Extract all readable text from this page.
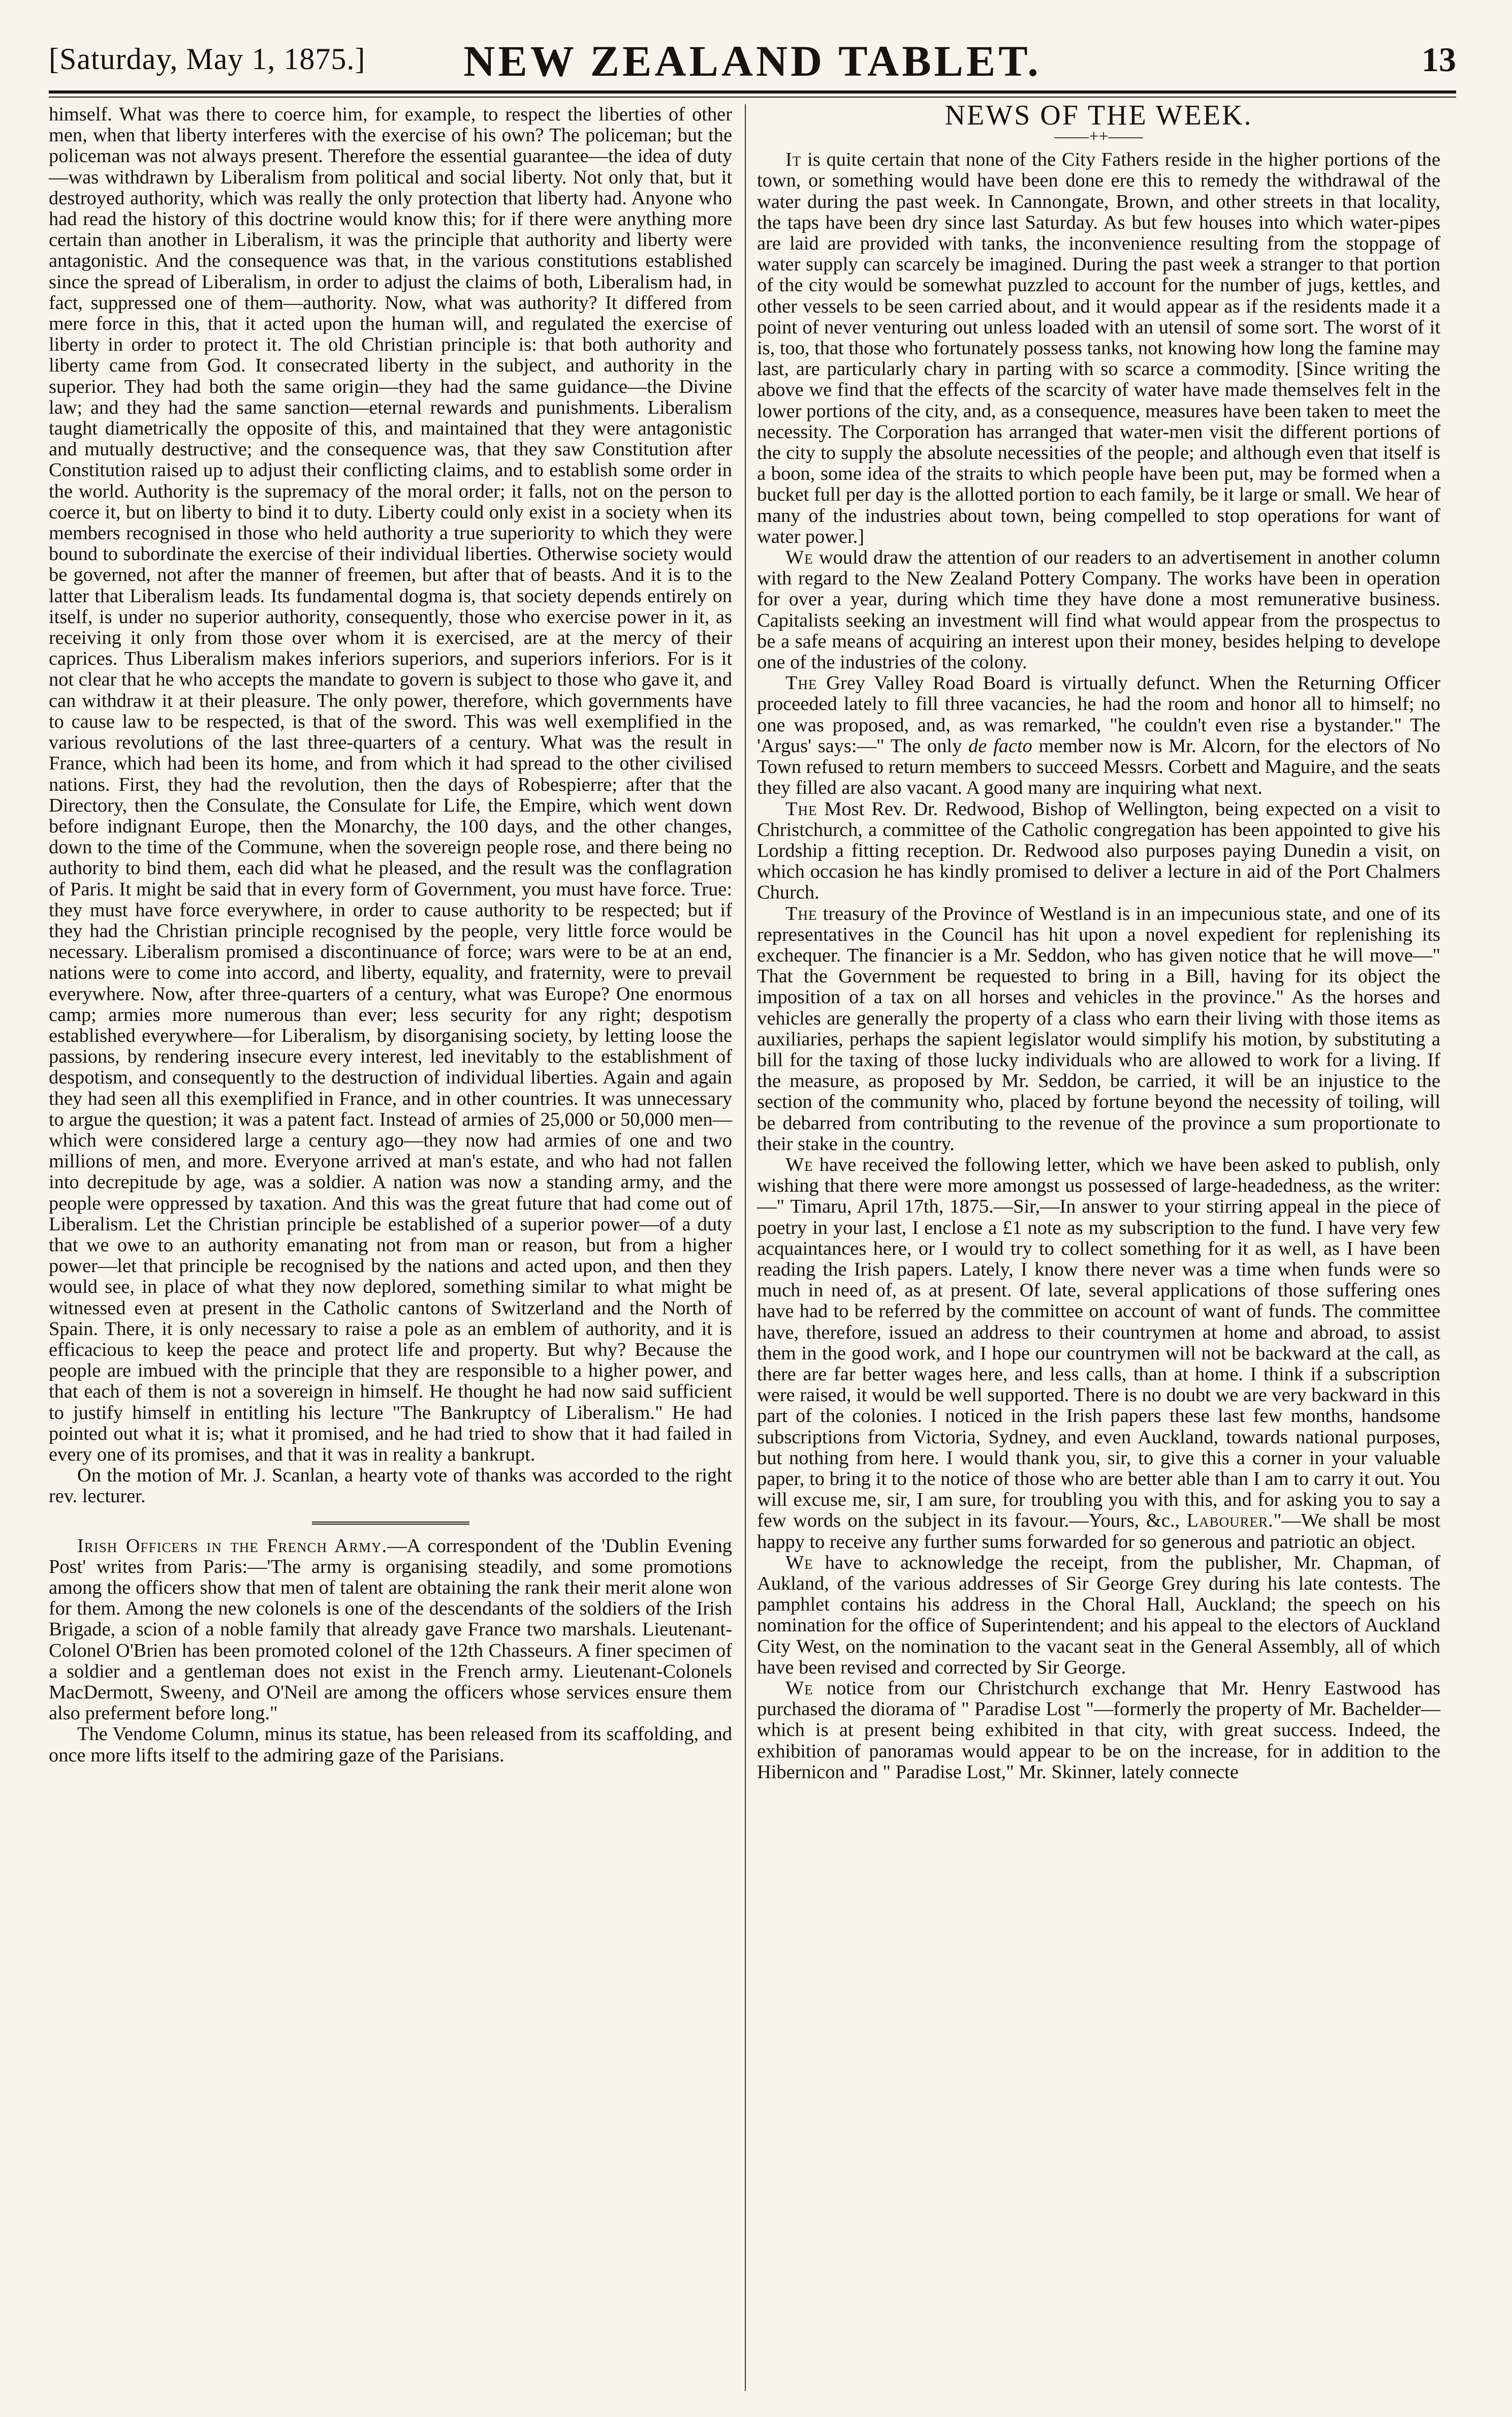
[Saturday, May 1, 1875.]	NEW ZEALAND TABLET.	13

himself. What was there to coerce him, for example, to respect the liberties of other men, when that liberty interferes with the exercise of his own? The policeman; but the policeman was not always present. Therefore the essential guarantee—the idea of duty—was withdrawn by Liberalism from political and social liberty. Not only that, but it destroyed authority, which was really the only protection that liberty had. Anyone who had read the history of this doctrine would know this; for if there were anything more certain than another in Liberalism, it was the principle that authority and liberty were antagonistic. And the consequence was that, in the various constitutions established since the spread of Liberalism, in order to adjust the claims of both, Liberalism had, in fact, suppressed one of them—authority. Now, what was authority? It differed from mere force in this, that it acted upon the human will, and regulated the exercise of liberty in order to protect it. The old Christian principle is: that both authority and liberty came from God. It consecrated liberty in the subject, and authority in the superior. They had both the same origin—they had the same guidance—the Divine law; and they had the same sanction—eternal rewards and punishments. Liberalism taught diametrically the opposite of this, and maintained that they were antagonistic and mutually destructive; and the consequence was, that they saw Constitution after Constitution raised up to adjust their conflicting claims, and to establish some order in the world. Authority is the supremacy of the moral order; it falls, not on the person to coerce it, but on liberty to bind it to duty. Liberty could only exist in a society when its members recognised in those who held authority a true superiority to which they were bound to subordinate the exercise of their individual liberties. Otherwise society would be governed, not after the manner of freemen, but after that of beasts. And it is to the latter that Liberalism leads. Its fundamental dogma is, that society depends entirely on itself, is under no superior authority, consequently, those who exercise power in it, as receiving it only from those over whom it is exercised, are at the mercy of their caprices. Thus Liberalism makes inferiors superiors, and superiors inferiors. For is it not clear that he who accepts the mandate to govern is subject to those who gave it, and can withdraw it at their pleasure. The only power, therefore, which governments have to cause law to be respected, is that of the sword. This was well exemplified in the various revolutions of the last three-quarters of a century. What was the result in France, which had been its home, and from which it had spread to the other civilised nations. First, they had the revolution, then the days of Robespierre; after that the Directory, then the Consulate, the Consulate for Life, the Empire, which went down before indignant Europe, then the Monarchy, the 100 days, and the other changes, down to the time of the Commune, when the sovereign people rose, and there being no authority to bind them, each did what he pleased, and the result was the conflagration of Paris. It might be said that in every form of Government, you must have force. True: they must have force everywhere, in order to cause authority to be respected; but if they had the Christian principle recognised by the people, very little force would be necessary. Liberalism promised a discontinuance of force; wars were to be at an end, nations were to come into accord, and liberty, equality, and fraternity, were to prevail everywhere. Now, after three-quarters of a century, what was Europe? One enormous camp; armies more numerous than ever; less security for any right; despotism established everywhere—for Liberalism, by disorganising society, by letting loose the passions, by rendering insecure every interest, led inevitably to the establishment of despotism, and consequently to the destruction of individual liberties. Again and again they had seen all this exemplified in France, and in other countries. It was unnecessary to argue the question; it was a patent fact. Instead of armies of 25,000 or 50,000 men—which were considered large a century ago—they now had armies of one and two millions of men, and more. Everyone arrived at man's estate, and who had not fallen into decrepitude by age, was a soldier. A nation was now a standing army, and the people were oppressed by taxation. And this was the great future that had come out of Liberalism. Let the Christian principle be established of a superior power—of a duty that we owe to an authority emanating not from man or reason, but from a higher power—let that principle be recognised by the nations and acted upon, and then they would see, in place of what they now deplored, something similar to what might be witnessed even at present in the Catholic cantons of Switzerland and the North of Spain. There, it is only necessary to raise a pole as an emblem of authority, and it is efficacious to keep the peace and protect life and property. But why? Because the people are imbued with the principle that they are responsible to a higher power, and that each of them is not a sovereign in himself. He thought he had now said sufficient to justify himself in entitling his lecture "The Bankruptcy of Liberalism." He had pointed out what it is; what it promised, and he had tried to show that it had failed in every one of its promises, and that it was in reality a bankrupt.

On the motion of Mr. J. Scanlan, a hearty vote of thanks was accorded to the right rev. lecturer.

Irish Officers in the French Army.—A correspondent of the 'Dublin Evening Post' writes from Paris:—'The army is organising steadily, and some promotions among the officers show that men of talent are obtaining the rank their merit alone won for them. Among the new colonels is one of the descendants of the soldiers of the Irish Brigade, a scion of a noble family that already gave France two marshals. Lieutenant-Colonel O'Brien has been promoted colonel of the 12th Chasseurs. A finer specimen of a soldier and a gentleman does not exist in the French army. Lieutenant-Colonels MacDermott, Sweeny, and O'Neil are among the officers whose services ensure them also preferment before long."

The Vendome Column, minus its statue, has been released from its scaffolding, and once more lifts itself to the admiring gaze of the Parisians.

NEWS OF THE WEEK.
——++——

It is quite certain that none of the City Fathers reside in the higher portions of the town, or something would have been done ere this to remedy the withdrawal of the water during the past week. In Cannongate, Brown, and other streets in that locality, the taps have been dry since last Saturday. As but few houses into which water-pipes are laid are provided with tanks, the inconvenience resulting from the stoppage of water supply can scarcely be imagined. During the past week a stranger to that portion of the city would be somewhat puzzled to account for the number of jugs, kettles, and other vessels to be seen carried about, and it would appear as if the residents made it a point of never venturing out unless loaded with an utensil of some sort. The worst of it is, too, that those who fortunately possess tanks, not knowing how long the famine may last, are particularly chary in parting with so scarce a commodity. [Since writing the above we find that the effects of the scarcity of water have made themselves felt in the lower portions of the city, and, as a consequence, measures have been taken to meet the necessity. The Corporation has arranged that water-men visit the different portions of the city to supply the absolute necessities of the people; and although even that itself is a boon, some idea of the straits to which people have been put, may be formed when a bucket full per day is the allotted portion to each family, be it large or small. We hear of many of the industries about town, being compelled to stop operations for want of water power.]

We would draw the attention of our readers to an advertisement in another column with regard to the New Zealand Pottery Company. The works have been in operation for over a year, during which time they have done a most remunerative business. Capitalists seeking an investment will find what would appear from the prospectus to be a safe means of acquiring an interest upon their money, besides helping to develope one of the industries of the colony.

The Grey Valley Road Board is virtually defunct. When the Returning Officer proceeded lately to fill three vacancies, he had the room and honor all to himself; no one was proposed, and, as was remarked, "he couldn't even rise a bystander." The 'Argus' says:—" The only de facto member now is Mr. Alcorn, for the electors of No Town refused to return members to succeed Messrs. Corbett and Maguire, and the seats they filled are also vacant. A good many are inquiring what next.

The Most Rev. Dr. Redwood, Bishop of Wellington, being expected on a visit to Christchurch, a committee of the Catholic congregation has been appointed to give his Lordship a fitting reception. Dr. Redwood also purposes paying Dunedin a visit, on which occasion he has kindly promised to deliver a lecture in aid of the Port Chalmers Church.

The treasury of the Province of Westland is in an impecunious state, and one of its representatives in the Council has hit upon a novel expedient for replenishing its exchequer. The financier is a Mr. Seddon, who has given notice that he will move—" That the Government be requested to bring in a Bill, having for its object the imposition of a tax on all horses and vehicles in the province." As the horses and vehicles are generally the property of a class who earn their living with those items as auxiliaries, perhaps the sapient legislator would simplify his motion, by substituting a bill for the taxing of those lucky individuals who are allowed to work for a living. If the measure, as proposed by Mr. Seddon, be carried, it will be an injustice to the section of the community who, placed by fortune beyond the necessity of toiling, will be debarred from contributing to the revenue of the province a sum proportionate to their stake in the country.

We have received the following letter, which we have been asked to publish, only wishing that there were more amongst us possessed of large-headedness, as the writer:—" Timaru, April 17th, 1875.—Sir,—In answer to your stirring appeal in the piece of poetry in your last, I enclose a £1 note as my subscription to the fund. I have very few acquaintances here, or I would try to collect something for it as well, as I have been reading the Irish papers. Lately, I know there never was a time when funds were so much in need of, as at present. Of late, several applications of those suffering ones have had to be referred by the committee on account of want of funds. The committee have, therefore, issued an address to their countrymen at home and abroad, to assist them in the good work, and I hope our countrymen will not be backward at the call, as there are far better wages here, and less calls, than at home. I think if a subscription were raised, it would be well supported. There is no doubt we are very backward in this part of the colonies. I noticed in the Irish papers these last few months, handsome subscriptions from Victoria, Sydney, and even Auckland, towards national purposes, but nothing from here. I would thank you, sir, to give this a corner in your valuable paper, to bring it to the notice of those who are better able than I am to carry it out. You will excuse me, sir, I am sure, for troubling you with this, and for asking you to say a few words on the subject in its favour.—Yours, &c., Labourer."—We shall be most happy to receive any further sums forwarded for so generous and patriotic an object.

We have to acknowledge the receipt, from the publisher, Mr. Chapman, of Aukland, of the various addresses of Sir George Grey during his late contests. The pamphlet contains his address in the Choral Hall, Auckland; the speech on his nomination for the office of Superintendent; and his appeal to the electors of Auckland City West, on the nomination to the vacant seat in the General Assembly, all of which have been revised and corrected by Sir George.

We notice from our Christchurch exchange that Mr. Henry Eastwood has purchased the diorama of " Paradise Lost "—formerly the property of Mr. Bachelder— which is at present being exhibited in that city, with great success. Indeed, the exhibition of panoramas would appear to be on the increase, for in addition to the Hibernicon and " Paradise Lost," Mr. Skinner, lately connecte
